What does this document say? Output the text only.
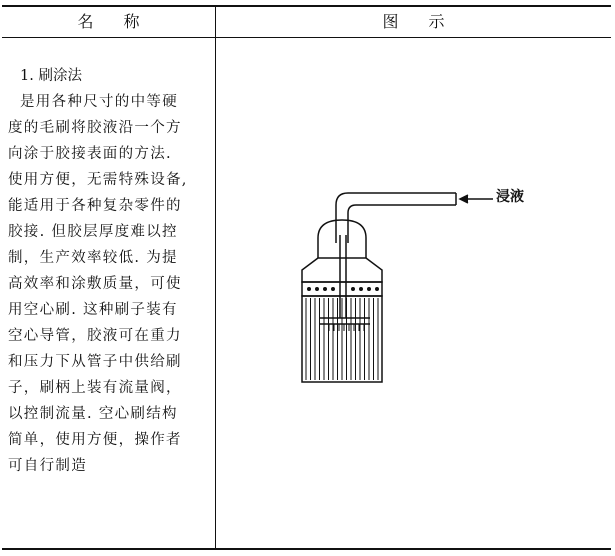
名 称	图 示
1. 刷涂法
是用各种尺寸的中等硬
度的毛刷将胶液沿一个方
向涂于胶接表面的方法.
使用方便，无需特殊设备,
能适用于各种复杂零件的
胶接. 但胶层厚度难以控
制，生产效率较低. 为提
高效率和涂敷质量，可使
用空心刷. 这种刷子装有
空心导管，胶液可在重力
和压力下从管子中供给刷
子，刷柄上装有流量阀，
以控制流量. 空心刷结构
简单，使用方便，操作者
可自行制造
浸液
